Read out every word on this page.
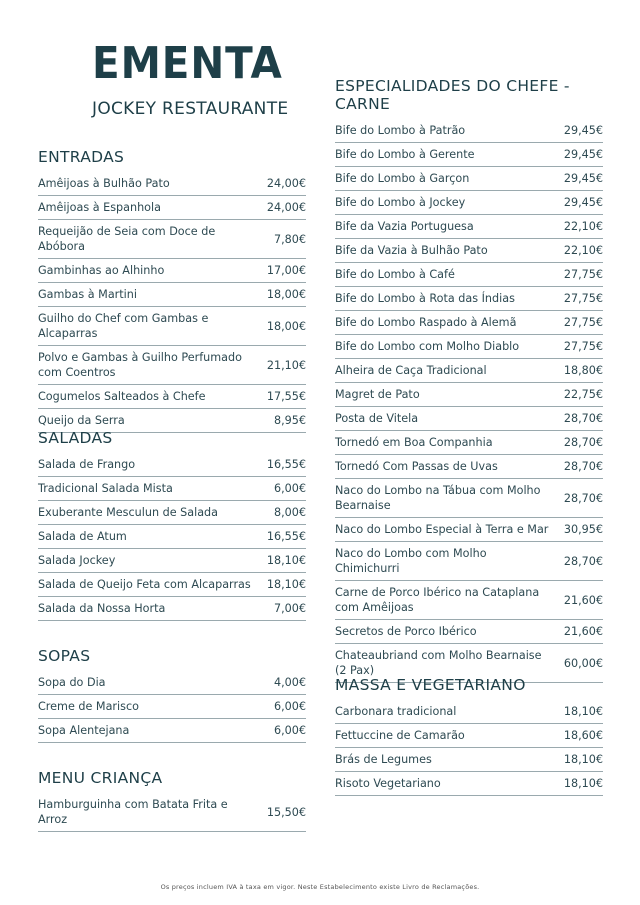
EMENTA
JOCKEY RESTAURANTE
ENTRADAS
Amêijoas à Bulhão Pato	24,00€
Amêijoas à Espanhola	24,00€
Requeijão de Seia com Doce de Abóbora
7,80€
Gambinhas ao Alhinho	17,00€
Gambas à Martini	18,00€
Guilho do Chef com Gambas e Alcaparras
18,00€
Polvo e Gambas à Guilho Perfumado com Coentros
21,10€
Cogumelos Salteados à Chefe	17,55€
Queijo da Serra	8,95€
SALADAS
Salada de Frango	16,55€
Tradicional Salada Mista	6,00€
Exuberante Mesculun de Salada	8,00€
Salada de Atum	16,55€
Salada Jockey	18,10€
Salada de Queijo Feta com Alcaparras 18,10€
Salada da Nossa Horta	7,00€
SOPAS
Sopa do Dia	4,00€
Creme de Marisco	6,00€
Sopa Alentejana	6,00€
MENU CRIANÇA
Hamburguinha com Batata Frita e Arroz
15,50€
ESPECIALIDADES DO CHEFE - CARNE
Bife do Lombo à Patrão	29,45€
Bife do Lombo à Gerente	29,45€
Bife do Lombo à Garçon	29,45€
Bife do Lombo à Jockey	29,45€
Bife da Vazia Portuguesa	22,10€
Bife da Vazia à Bulhão Pato	22,10€
Bife do Lombo à Café	27,75€
Bife do Lombo à Rota das Índias	27,75€
Bife do Lombo Raspado à Alemã	27,75€
Bife do Lombo com Molho Diablo	27,75€
Alheira de Caça Tradicional	18,80€
Magret de Pato	22,75€
Posta de Vitela	28,70€
Tornedó em Boa Companhia	28,70€
Tornedó Com Passas de Uvas	28,70€
Naco do Lombo na Tábua com Molho Bearnaise
28,70€
Naco do Lombo Especial à Terra e Mar 30,95€
Naco do Lombo com Molho Chimichurri
28,70€
Carne de Porco Ibérico na Cataplana com Amêijoas
21,60€
Secretos de Porco Ibérico	21,60€
Chateaubriand com Molho Bearnaise (2 Pax)
60,00€
MASSA E VEGETARIANO
Carbonara tradicional	18,10€
Fettuccine de Camarão	18,60€
Brás de Legumes	18,10€
Risoto Vegetariano	18,10€
Os preços incluem IVA à taxa em vigor. Neste Estabelecimento existe Livro de Reclamações.
